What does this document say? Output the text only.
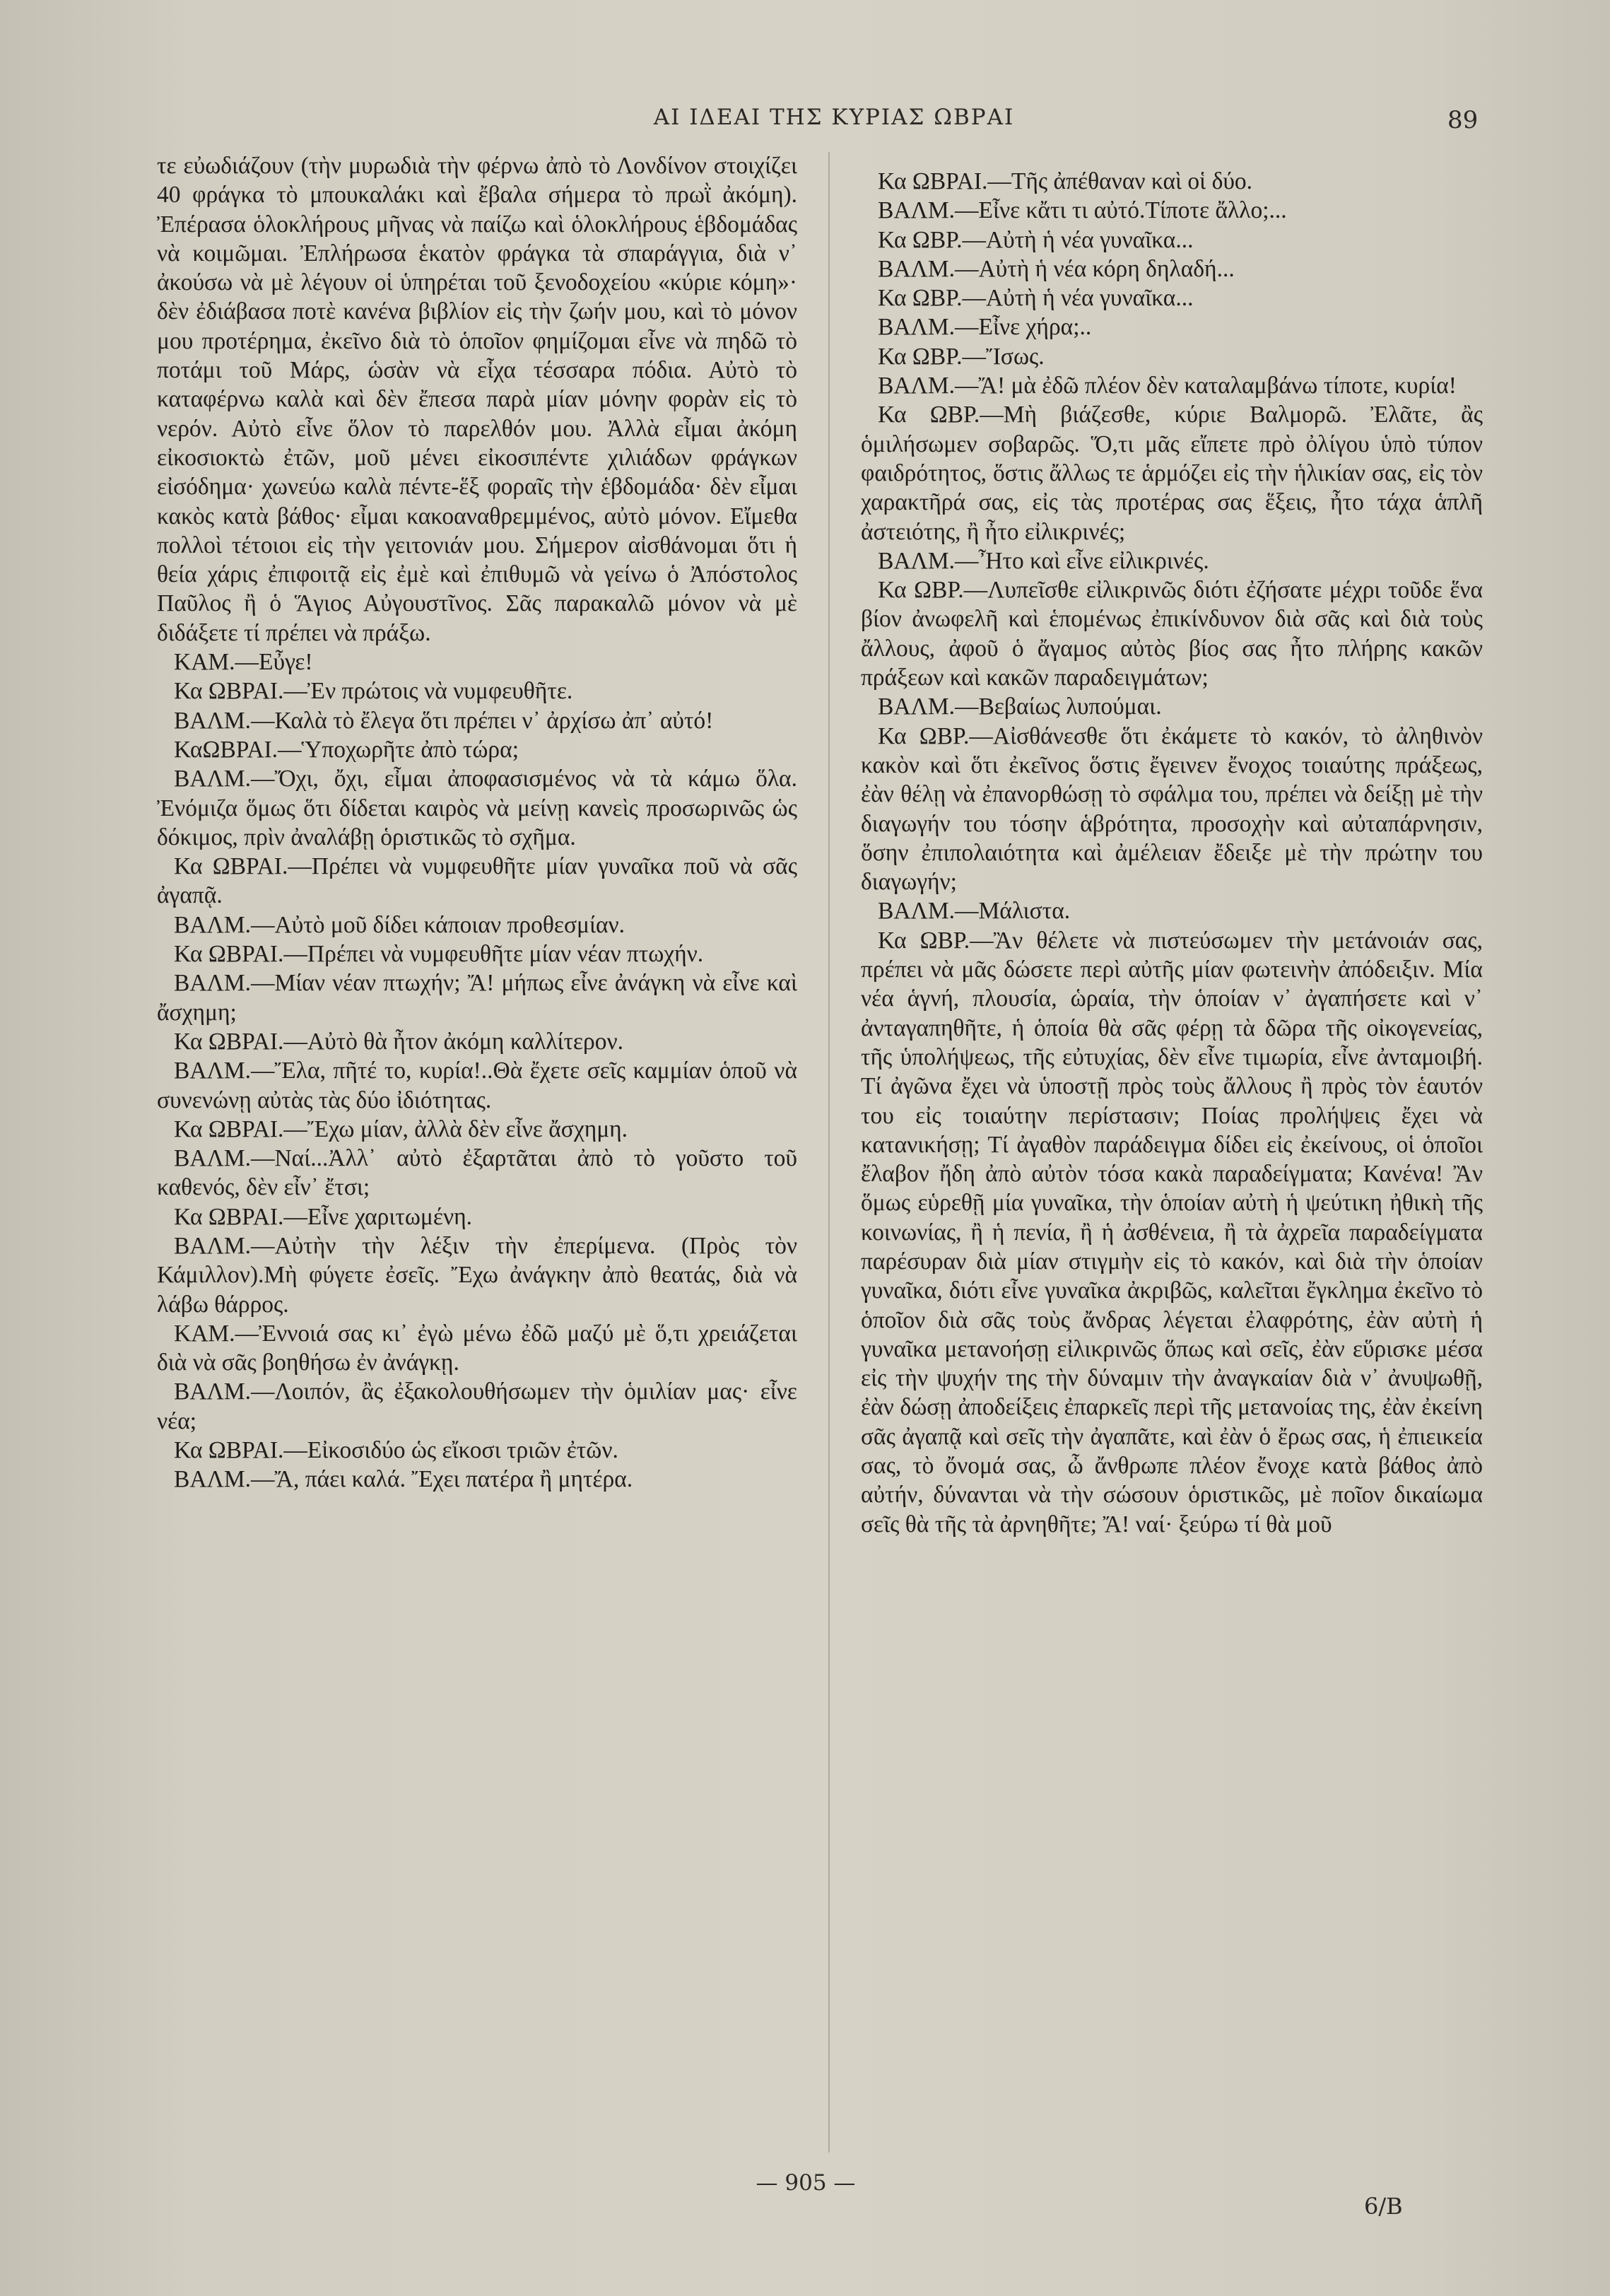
ΑΙ ΙΔΕΑΙ ΤΗΣ ΚΥΡΙΑΣ ΩΒΡΑΙ	89

τε εὐωδιάζουν (τὴν μυρωδιὰ τὴν φέρνω ἀπὸ τὸ Λονδίνον στοιχίζει 40 φράγκα τὸ μπουκαλάκι καὶ ἔβαλα σήμερα τὸ πρωῒ ἀκόμη). Ἐπέρασα ὁλοκλήρους μῆνας νὰ παίζω καὶ ὁλοκλήρους ἑβδομάδας νὰ κοιμῶμαι. Ἐπλήρωσα ἑκατὸν φράγκα τὰ σπαράγγια, διὰ ν᾽ ἀκούσω νὰ μὲ λέγουν οἱ ὑπηρέται τοῦ ξενοδοχείου «κύριε κόμη»· δὲν ἐδιάβασα ποτὲ κανένα βιβλίον εἰς τὴν ζωήν μου, καὶ τὸ μόνον μου προτέρημα, ἐκεῖνο διὰ τὸ ὁποῖον φημίζομαι εἶνε νὰ πηδῶ τὸ ποτάμι τοῦ Μάρς, ὡσὰν νὰ εἶχα τέσσαρα πόδια. Αὐτὸ τὸ καταφέρνω καλὰ καὶ δὲν ἔπεσα παρὰ μίαν μόνην φορὰν εἰς τὸ νερόν. Αὐτὸ εἶνε ὅλον τὸ παρελθόν μου. Ἀλλὰ εἶμαι ἀκόμη εἰκοσιοκτὼ ἐτῶν, μοῦ μένει εἰκοσιπέντε χιλιάδων φράγκων εἰσόδημα· χωνεύω καλὰ πέντε-ἕξ φοραῖς τὴν ἑβδομάδα· δὲν εἶμαι κακὸς κατὰ βάθος· εἶμαι κακοαναθρεμμένος, αὐτὸ μόνον. Εἴμεθα πολλοὶ τέτοιοι εἰς τὴν γειτονιάν μου. Σήμερον αἰσθάνομαι ὅτι ἡ θεία χάρις ἐπιφοιτᾷ εἰς ἐμὲ καὶ ἐπιθυμῶ νὰ γείνω ὁ Ἀπόστολος Παῦλος ἢ ὁ Ἅγιος Αὐγουστῖνος. Σᾶς παρακαλῶ μόνον νὰ μὲ διδάξετε τί πρέπει νὰ πράξω.

ΚΑΜ.—Εὖγε!

Κα ΩΒΡΑΙ.—Ἐν πρώτοις νὰ νυμφευθῆτε.

ΒΑΛΜ.—Καλὰ τὸ ἔλεγα ὅτι πρέπει ν᾽ ἀρχίσω ἀπ᾽ αὐτό!

ΚαΩΒΡΑΙ.—Ὑποχωρῆτε ἀπὸ τώρα;

ΒΑΛΜ.—Ὄχι, ὄχι, εἶμαι ἀποφασισμένος νὰ τὰ κάμω ὅλα. Ἐνόμιζα ὅμως ὅτι δίδεται καιρὸς νὰ μείνῃ κανεὶς προσωρινῶς ὡς δόκιμος, πρὶν ἀναλάβῃ ὁριστικῶς τὸ σχῆμα.

Κα ΩΒΡΑΙ.—Πρέπει νὰ νυμφευθῆτε μίαν γυναῖκα ποῦ νὰ σᾶς ἀγαπᾷ.

ΒΑΛΜ.—Αὐτὸ μοῦ δίδει κάποιαν προθεσμίαν.

Κα ΩΒΡΑΙ.—Πρέπει νὰ νυμφευθῆτε μίαν νέαν πτωχήν.

ΒΑΛΜ.—Μίαν νέαν πτωχήν; Ἄ! μήπως εἶνε ἀνάγκη νὰ εἶνε καὶ ἄσχημη;

Κα ΩΒΡΑΙ.—Αὐτὸ θὰ ἦτον ἀκόμη καλλίτερον.

ΒΑΛΜ.—Ἔλα, πῆτέ το, κυρία!..Θὰ ἔχετε σεῖς καμμίαν ὁποῦ νὰ συνενώνῃ αὐτὰς τὰς δύο ἰδιότητας.

Κα ΩΒΡΑΙ.—Ἔχω μίαν, ἀλλὰ δὲν εἶνε ἄσχημη.

ΒΑΛΜ.—Ναί...Ἀλλ᾽ αὐτὸ ἐξαρτᾶται ἀπὸ τὸ γοῦστο τοῦ καθενός, δὲν εἶν᾽ ἔτσι;

Κα ΩΒΡΑΙ.—Εἶνε χαριτωμένη.

ΒΑΛΜ.—Αὐτὴν τὴν λέξιν τὴν ἐπερίμενα. (Πρὸς τὸν Κάμιλλον).Μὴ φύγετε ἐσεῖς. Ἔχω ἀνάγκην ἀπὸ θεατάς, διὰ νὰ λάβω θάρρος.

ΚΑΜ.—Ἐννοιά σας κι᾽ ἐγὼ μένω ἐδῶ μαζύ μὲ ὅ,τι χρειάζεται διὰ νὰ σᾶς βοηθήσω ἐν ἀνάγκῃ.

ΒΑΛΜ.—Λοιπόν, ἂς ἐξακολουθήσωμεν τὴν ὁμιλίαν μας· εἶνε νέα;

Κα ΩΒΡΑΙ.—Εἰκοσιδύο ὡς εἴκοσι τριῶν ἐτῶν.

ΒΑΛΜ.—Ἄ, πάει καλά. Ἔχει πατέρα ἢ μητέρα.

Κα ΩΒΡΑΙ.—Τῆς ἀπέθαναν καὶ οἱ δύο.

ΒΑΛΜ.—Εἶνε κἄτι τι αὐτό.Τίποτε ἄλλο;...

Κα ΩΒΡ.—Αὐτὴ ἡ νέα γυναῖκα...

ΒΑΛΜ.—Αὐτὴ ἡ νέα κόρη δηλαδή...

Κα ΩΒΡ.—Αὐτὴ ἡ νέα γυναῖκα...

ΒΑΛΜ.—Εἶνε χήρα;..

Κα ΩΒΡ.—Ἴσως.

ΒΑΛΜ.—Ἄ! μὰ ἐδῶ πλέον δὲν καταλαμβάνω τίποτε, κυρία!

Κα ΩΒΡ.—Μὴ βιάζεσθε, κύριε Βαλμορῶ. Ἐλᾶτε, ἂς ὁμιλήσωμεν σοβαρῶς. Ὅ,τι μᾶς εἴπετε πρὸ ὀλίγου ὑπὸ τύπον φαιδρότητος, ὅστις ἄλλως τε ἁρμόζει εἰς τὴν ἡλικίαν σας, εἰς τὸν χαρακτῆρά σας, εἰς τὰς προτέρας σας ἕξεις, ἦτο τάχα ἁπλῆ ἀστειότης, ἢ ἦτο εἰλικρινές;

ΒΑΛΜ.—Ἦτο καὶ εἶνε εἰλικρινές.

Κα ΩΒΡ.—Λυπεῖσθε εἰλικρινῶς διότι ἐζήσατε μέχρι τοῦδε ἕνα βίον ἀνωφελῆ καὶ ἑπομένως ἐπικίνδυνον διὰ σᾶς καὶ διὰ τοὺς ἄλλους, ἀφοῦ ὁ ἄγαμος αὐτὸς βίος σας ἦτο πλήρης κακῶν πράξεων καὶ κακῶν παραδειγμάτων;

ΒΑΛΜ.—Βεβαίως λυπούμαι.

Κα ΩΒΡ.—Αἰσθάνεσθε ὅτι ἐκάμετε τὸ κακόν, τὸ ἀληθινὸν κακὸν καὶ ὅτι ἐκεῖνος ὅστις ἔγεινεν ἔνοχος τοιαύτης πράξεως, ἐὰν θέλῃ νὰ ἐπανορθώσῃ τὸ σφάλμα του, πρέπει νὰ δείξῃ μὲ τὴν διαγωγήν του τόσην ἁβρότητα, προσοχὴν καὶ αὐταπάρνησιν, ὅσην ἐπιπολαιότητα καὶ ἀμέλειαν ἔδειξε μὲ τὴν πρώτην του διαγωγήν;

ΒΑΛΜ.—Μάλιστα.

Κα ΩΒΡ.—Ἂν θέλετε νὰ πιστεύσωμεν τὴν μετάνοιάν σας, πρέπει νὰ μᾶς δώσετε περὶ αὐτῆς μίαν φωτεινὴν ἀπόδειξιν. Μία νέα ἁγνή, πλουσία, ὡραία, τὴν ὁποίαν ν᾽ ἀγαπήσετε καὶ ν᾽ ἀνταγαπηθῆτε, ἡ ὁποία θὰ σᾶς φέρῃ τὰ δῶρα τῆς οἰκογενείας, τῆς ὑπολήψεως, τῆς εὐτυχίας, δὲν εἶνε τιμωρία, εἶνε ἀνταμοιβή. Τί ἀγῶνα ἔχει νὰ ὑποστῇ πρὸς τοὺς ἄλλους ἢ πρὸς τὸν ἑαυτόν του εἰς τοιαύτην περίστασιν; Ποίας προλήψεις ἔχει νὰ κατανικήσῃ; Τί ἀγαθὸν παράδειγμα δίδει εἰς ἐκείνους, οἱ ὁποῖοι ἔλαβον ἤδη ἀπὸ αὐτὸν τόσα κακὰ παραδείγματα; Κανένα! Ἂν ὅμως εὑρεθῇ μία γυναῖκα, τὴν ὁποίαν αὐτὴ ἡ ψεύτικη ἠθικὴ τῆς κοινωνίας, ἢ ἡ πενία, ἢ ἡ ἀσθένεια, ἢ τὰ ἀχρεῖα παραδείγματα παρέσυραν διὰ μίαν στιγμὴν εἰς τὸ κακόν, καὶ διὰ τὴν ὁποίαν γυναῖκα, διότι εἶνε γυναῖκα ἀκριβῶς, καλεῖται ἔγκλημα ἐκεῖνο τὸ ὁποῖον διὰ σᾶς τοὺς ἄνδρας λέγεται ἐλαφρότης, ἐὰν αὐτὴ ἡ γυναῖκα μετανοήσῃ εἰλικρινῶς ὅπως καὶ σεῖς, ἐὰν εὕρισκε μέσα εἰς τὴν ψυχήν της τὴν δύναμιν τὴν ἀναγκαίαν διὰ ν᾽ ἀνυψωθῇ, ἐὰν δώσῃ ἀποδείξεις ἐπαρκεῖς περὶ τῆς μετανοίας της, ἐὰν ἐκείνη σᾶς ἀγαπᾷ καὶ σεῖς τὴν ἀγαπᾶτε, καὶ ἐὰν ὁ ἔρως σας, ἡ ἐπιεικεία σας, τὸ ὄνομά σας, ὦ ἄνθρωπε πλέον ἔνοχε κατὰ βάθος ἀπὸ αὐτήν, δύνανται νὰ τὴν σώσουν ὁριστικῶς, μὲ ποῖον δικαίωμα σεῖς θὰ τῆς τὰ ἀρνηθῆτε; Ἄ! ναί· ξεύρω τί θὰ μοῦ

— 905 —
6/Β
